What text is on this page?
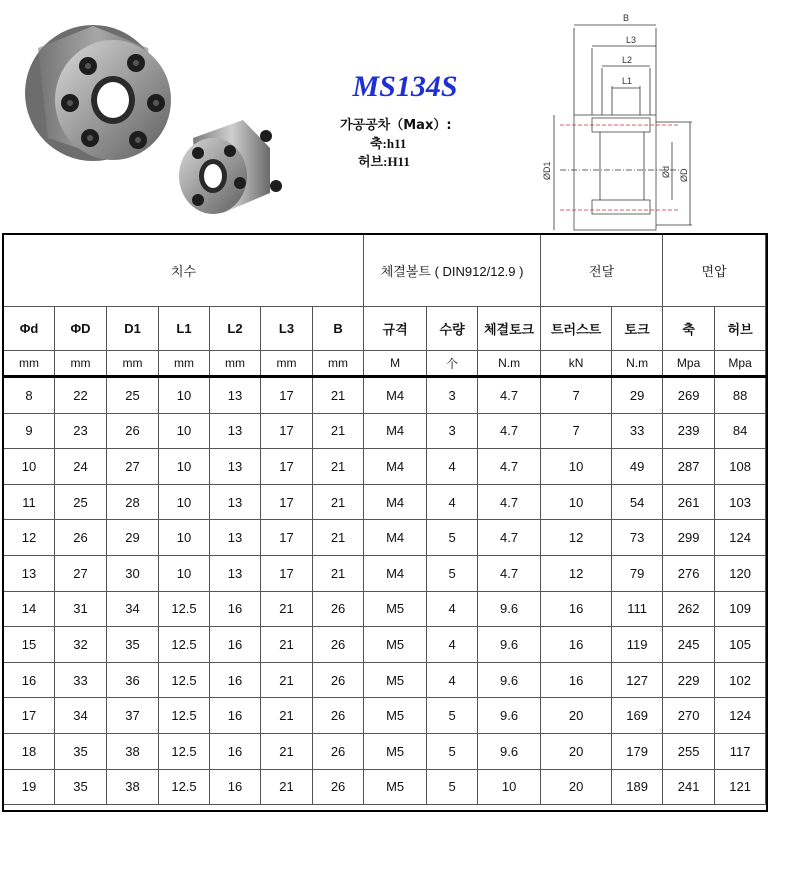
MS134S
가공공차（Max）:
축:h11
허브:H11
B
L3
L2
L1
ØD1	Ød ØD
치수							체결볼트 ( DIN912/12.9 )			전달		면압	
Φd	ΦD	D1	L1	L2	L3	B	규격	수량	체결토크	트러스트	토크	축	허브
mm	mm	mm	mm	mm	mm	mm	M	个	N.m	kN	N.m	Mpa	Mpa
8	22	25	10	13	17	21	M4	3	4.7	7	29	269	88
9	23	26	10	13	17	21	M4	3	4.7	7	33	239	84
10	24	27	10	13	17	21	M4	4	4.7	10	49	287	108
11	25	28	10	13	17	21	M4	4	4.7	10	54	261	103
12	26	29	10	13	17	21	M4	5	4.7	12	73	299	124
13	27	30	10	13	17	21	M4	5	4.7	12	79	276	120
14	31	34	12.5	16	21	26	M5	4	9.6	16	111	262	109
15	32	35	12.5	16	21	26	M5	4	9.6	16	119	245	105
16	33	36	12.5	16	21	26	M5	4	9.6	16	127	229	102
17	34	37	12.5	16	21	26	M5	5	9.6	20	169	270	124
18	35	38	12.5	16	21	26	M5	5	9.6	20	179	255	117
19	35	38	12.5	16	21	26	M5	5	10	20	189	241	121
